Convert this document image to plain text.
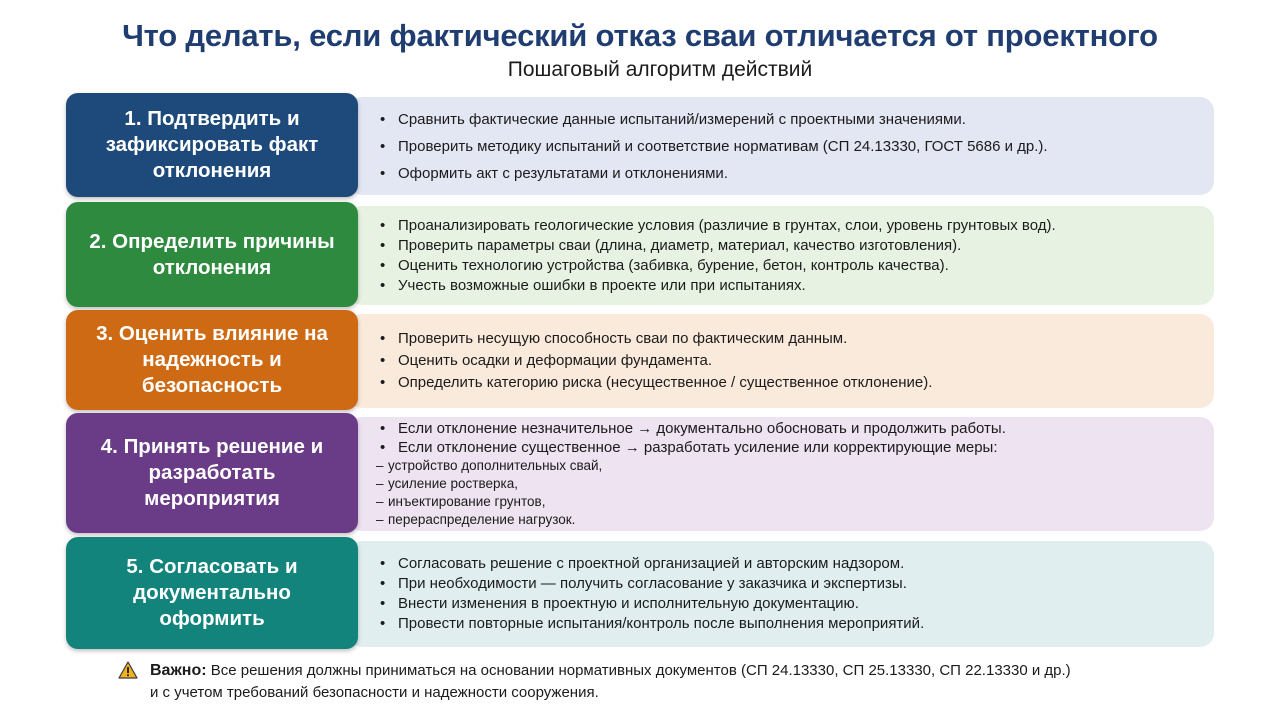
Что делать, если фактический отказ сваи отличается от проектного
Пошаговый алгоритм действий
1. Подтвердить и зафиксировать факт отклонения
• Сравнить фактические данные испытаний/измерений с проектными значениями.
• Проверить методику испытаний и соответствие нормативам (СП 24.13330, ГОСТ 5686 и др.).
• Оформить акт с результатами и отклонениями.
2. Определить причины отклонения
• Проанализировать геологические условия (различие в грунтах, слои, уровень грунтовых вод).
• Проверить параметры сваи (длина, диаметр, материал, качество изготовления).
• Оценить технологию устройства (забивка, бурение, бетон, контроль качества).
• Учесть возможные ошибки в проекте или при испытаниях.
3. Оценить влияние на надежность и безопасность
• Проверить несущую способность сваи по фактическим данным.
• Оценить осадки и деформации фундамента.
• Определить категорию риска (несущественное / существенное отклонение).
4. Принять решение и разработать мероприятия
• Если отклонение незначительное → документально обосновать и продолжить работы.
• Если отклонение существенное → разработать усиление или корректирующие меры:
– устройство дополнительных свай,
– усиление ростверка,
– инъектирование грунтов,
– перераспределение нагрузок.
5. Согласовать и документально оформить
• Согласовать решение с проектной организацией и авторским надзором.
• При необходимости — получить согласование у заказчика и экспертизы.
• Внести изменения в проектную и исполнительную документацию.
• Провести повторные испытания/контроль после выполнения мероприятий.
Важно: Все решения должны приниматься на основании нормативных документов (СП 24.13330, СП 25.13330, СП 22.13330 и др.)
и с учетом требований безопасности и надежности сооружения.
